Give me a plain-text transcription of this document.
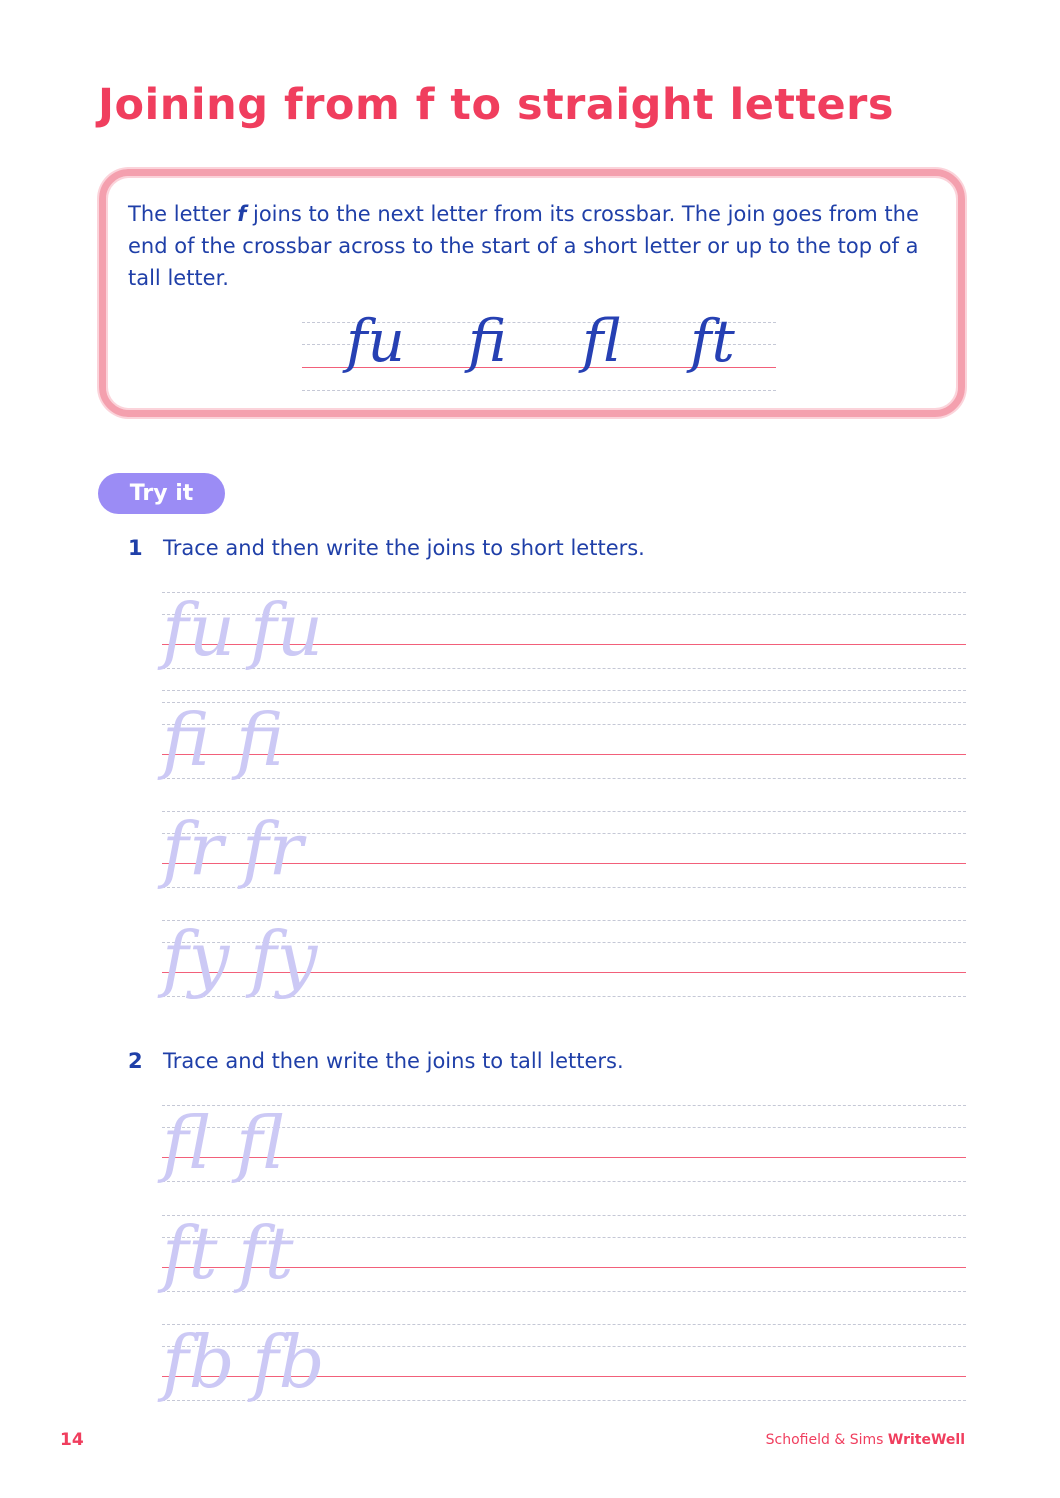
Joining from f to straight letters

The letter f joins to the next letter from its crossbar. The join goes from the end of the crossbar across to the start of a short letter or up to the top of a tall letter.

fu fi fl ft
Try it
1 Trace and then write the joins to short letters.
fu fu
fi fi
fr fr
fy fy
2 Trace and then write the joins to tall letters.
fl fl
ft ft
fb fb
14	Schofield & Sims WriteWell
